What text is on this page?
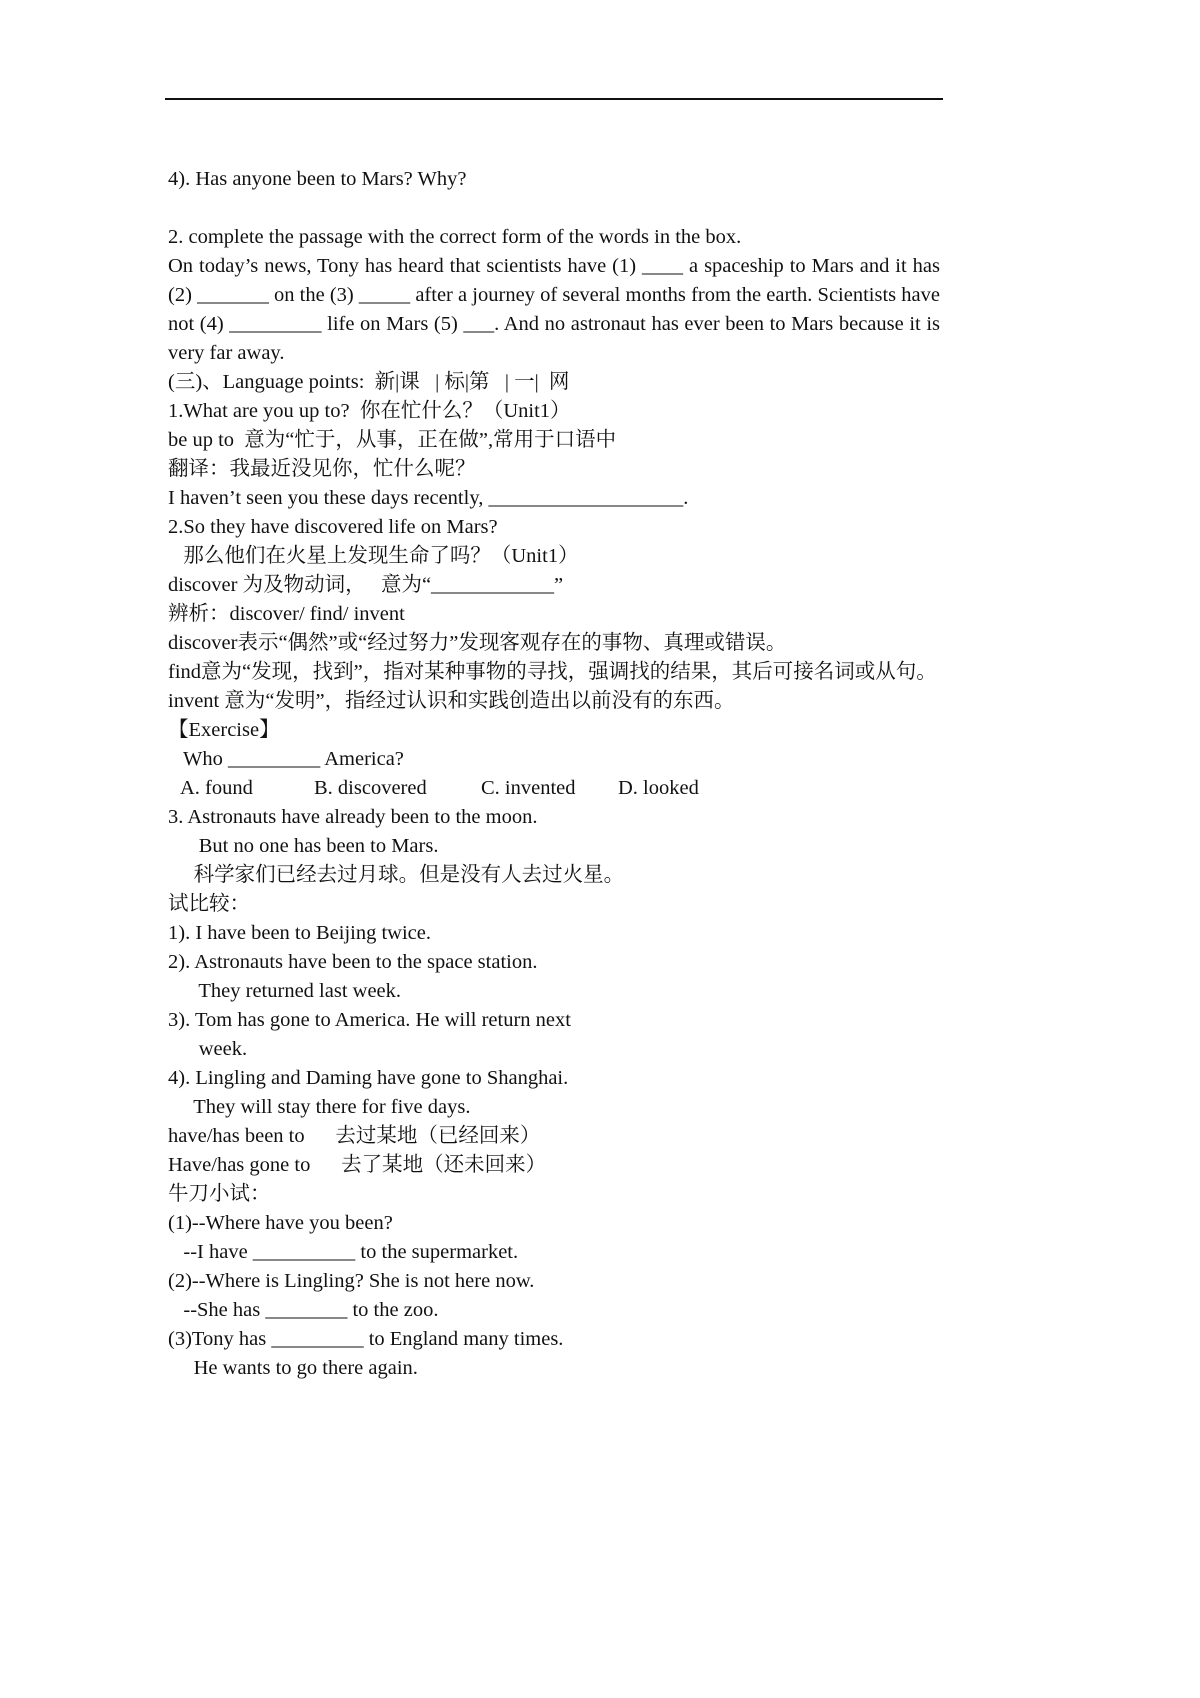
4). Has anyone been to Mars? Why?
2. complete the passage with the correct form of the words in the box.

On today’s news, Tony has heard that scientists have (1) ____ a spaceship to Mars and it has (2) _______ on the (3) _____ after a journey of several months from the earth. Scientists have not (4) _________ life on Mars (5) ___. And no astronaut has ever been to Mars because it is very far away.

(三)、Language points:  新|课   | 标|第   | 一|  网
1.What are you up to?  你在忙什么？（Unit1）
be up to  意为“忙于，从事，正在做”,常用于口语中
翻译：我最近没见你，忙什么呢？
I haven’t seen you these days recently, ___________________.
2.So they have discovered life on Mars?
那么他们在火星上发现生命了吗？（Unit1）
discover 为及物动词，   意为“____________”
辨析：discover/ find/ invent

discover表示“偶然”或“经过努力”发现客观存在的事物、真理或错误。

find意为“发现，找到”，指对某种事物的寻找，强调找的结果，其后可接名词或从句。

invent 意为“发明”，指经过认识和实践创造出以前没有的东西。

【Exercise】
Who _________ America?
A. found	B. discovered	C. invented D. looked
3. Astronauts have already been to the moon.
But no one has been to Mars.
科学家们已经去过月球。但是没有人去过火星。
试比较：
1). I have been to Beijing twice.
2). Astronauts have been to the space station.
They returned last week.
3). Tom has gone to America. He will return next
week.
4). Lingling and Daming have gone to Shanghai.
They will stay there for five days.
have/has been to      去过某地（已经回来）
Have/has gone to      去了某地（还未回来）
牛刀小试：
(1)--Where have you been?
--I have __________ to the supermarket.
(2)--Where is Lingling? She is not here now.
--She has ________ to the zoo.
(3)Tony has _________ to England many times.
He wants to go there again.
